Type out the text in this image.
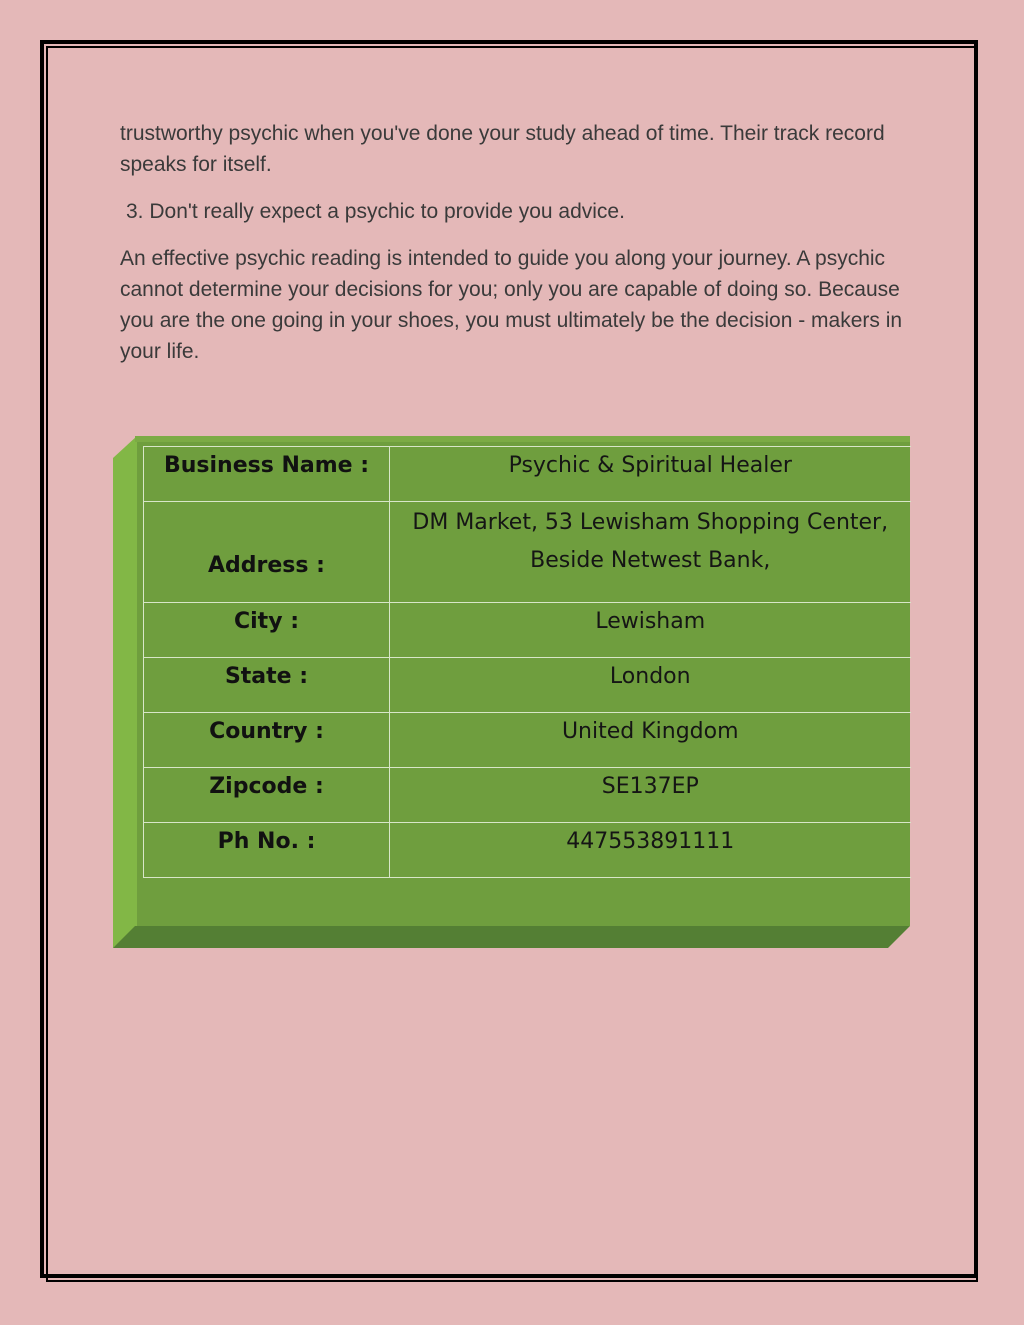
trustworthy psychic when you've done your study ahead of time. Their track record speaks for itself.

3. Don't really expect a psychic to provide you advice.

An effective psychic reading is intended to guide you along your journey. A psychic cannot determine your decisions for you; only you are capable of doing so. Because you are the one going in your shoes, you must ultimately be the decision - makers in your life.

Business Name :	Psychic & Spiritual Healer
Address :	DM Market, 53 Lewisham Shopping Center,
Beside Netwest Bank,

City :	Lewisham
State :	London
Country :	United Kingdom
Zipcode :	SE137EP
Ph No. :	447553891111
